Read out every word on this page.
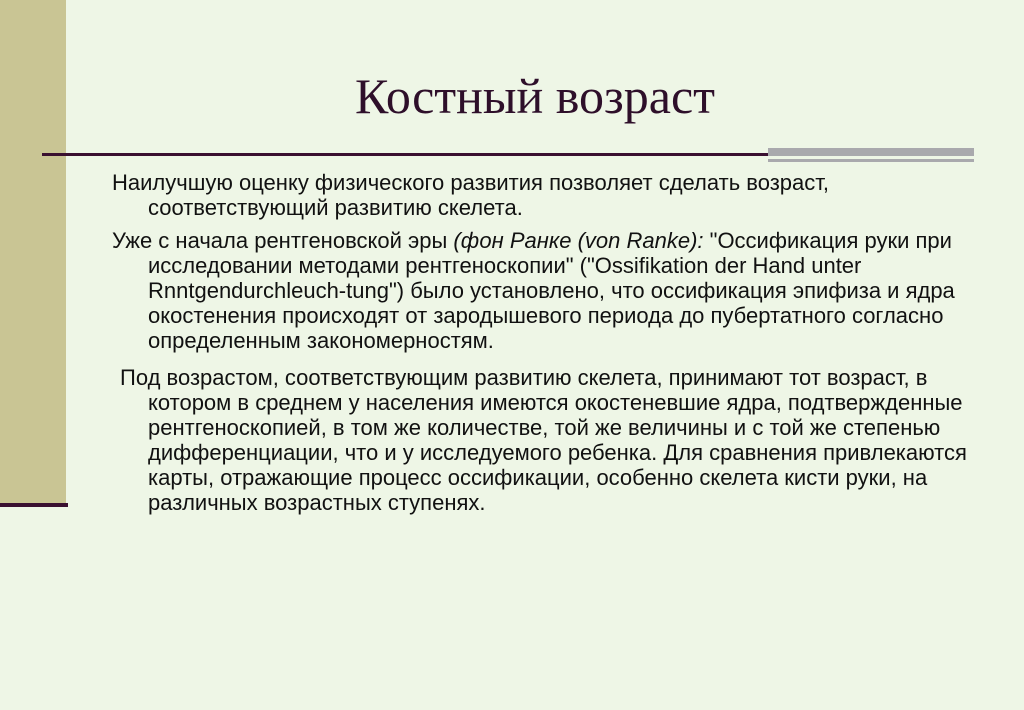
Костный возраст

Наилучшую оценку физического развития позволяет сделать возраст, соответствующий развитию скелета.

Уже с начала рентгеновской эры (фон Ранке (von Ranke): "Оссификация руки при исследовании методами рентгеноскопии" ("Ossifikation der Hand unter Rnntgendurchleuch-tung") было установлено, что оссификация эпифиза и ядра окостенения происходят от зародышевого периода до пубертатного согласно определенным закономерностям.

Под возрастом, соответствующим развитию скелета, принимают тот возраст, в котором в среднем у населения имеются окостеневшие ядра, подтвержденные рентгеноскопией, в том же количестве, той же величины и с той же степенью дифференциации, что и у исследуемого ребенка. Для сравнения привлекаются карты, отражающие процесс оссификации, особенно скелета кисти руки, на различных возрастных ступенях.
